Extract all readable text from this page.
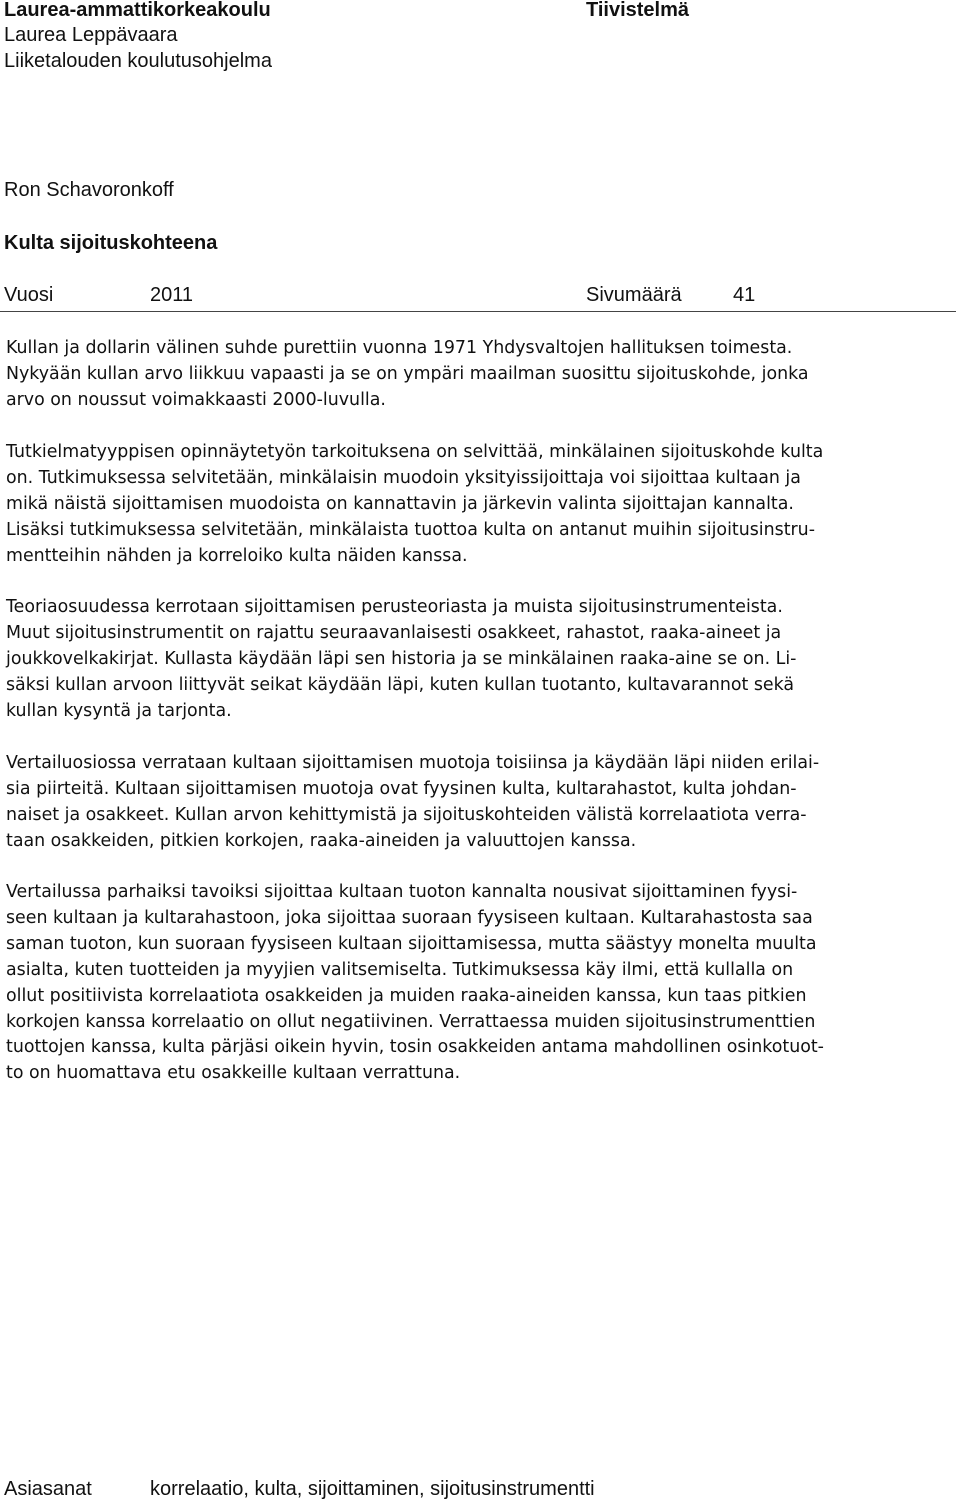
Laurea-ammattikorkeakoulu
Laurea Leppävaara
Liiketalouden koulutusohjelma
Tiivistelmä
Ron Schavoronkoff
Kulta sijoituskohteena
Vuosi	2011	Sivumäärä	41
Kullan ja dollarin välinen suhde purettiin vuonna 1971 Yhdysvaltojen hallituksen toimesta.
Nykyään kullan arvo liikkuu vapaasti ja se on ympäri maailman suosittu sijoituskohde, jonka
arvo on noussut voimakkaasti 2000-luvulla.
Tutkielmatyyppisen opinnäytetyön tarkoituksena on selvittää, minkälainen sijoituskohde kulta
on. Tutkimuksessa selvitetään, minkälaisin muodoin yksityissijoittaja voi sijoittaa kultaan ja
mikä näistä sijoittamisen muodoista on kannattavin ja järkevin valinta sijoittajan kannalta.
Lisäksi tutkimuksessa selvitetään, minkälaista tuottoa kulta on antanut muihin sijoitusinstru-
mentteihin nähden ja korreloiko kulta näiden kanssa.
Teoriaosuudessa kerrotaan sijoittamisen perusteoriasta ja muista sijoitusinstrumenteista.
Muut sijoitusinstrumentit on rajattu seuraavanlaisesti osakkeet, rahastot, raaka-aineet ja
joukkovelkakirjat. Kullasta käydään läpi sen historia ja se minkälainen raaka-aine se on. Li-
säksi kullan arvoon liittyvät seikat käydään läpi, kuten kullan tuotanto, kultavarannot sekä
kullan kysyntä ja tarjonta.
Vertailuosiossa verrataan kultaan sijoittamisen muotoja toisiinsa ja käydään läpi niiden erilai-
sia piirteitä. Kultaan sijoittamisen muotoja ovat fyysinen kulta, kultarahastot, kulta johdan-
naiset ja osakkeet. Kullan arvon kehittymistä ja sijoituskohteiden välistä korrelaatiota verra-
taan osakkeiden, pitkien korkojen, raaka-aineiden ja valuuttojen kanssa.
Vertailussa parhaiksi tavoiksi sijoittaa kultaan tuoton kannalta nousivat sijoittaminen fyysi-
seen kultaan ja kultarahastoon, joka sijoittaa suoraan fyysiseen kultaan. Kultarahastosta saa
saman tuoton, kun suoraan fyysiseen kultaan sijoittamisessa, mutta säästyy monelta muulta
asialta, kuten tuotteiden ja myyjien valitsemiselta. Tutkimuksessa käy ilmi, että kullalla on
ollut positiivista korrelaatiota osakkeiden ja muiden raaka-aineiden kanssa, kun taas pitkien
korkojen kanssa korrelaatio on ollut negatiivinen. Verrattaessa muiden sijoitusinstrumenttien
tuottojen kanssa, kulta pärjäsi oikein hyvin, tosin osakkeiden antama mahdollinen osinkotuot-
to on huomattava etu osakkeille kultaan verrattuna.
Asiasanat	korrelaatio, kulta, sijoittaminen, sijoitusinstrumentti
